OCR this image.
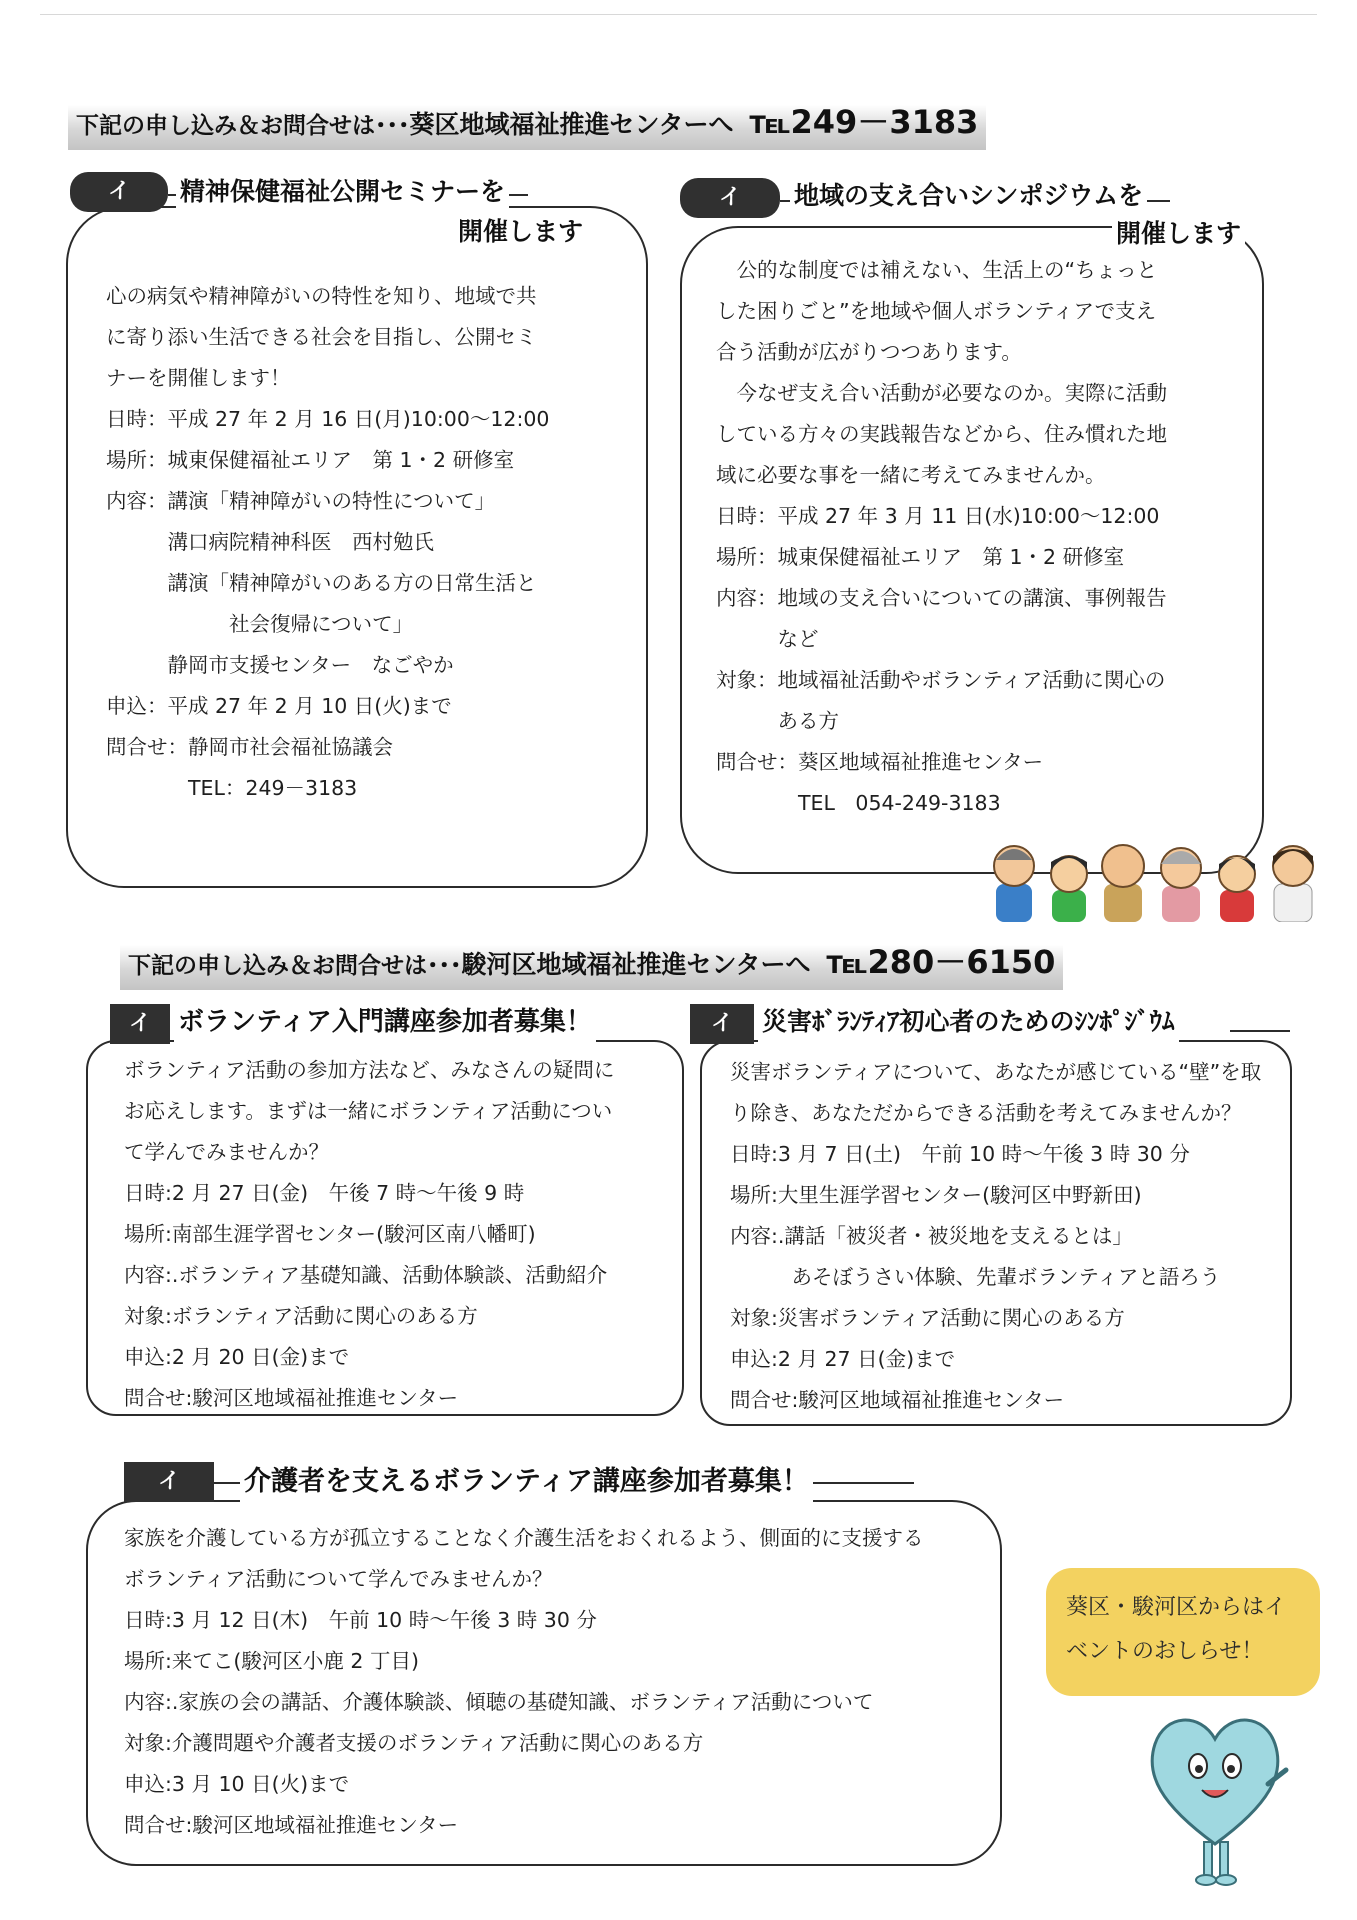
下記の申し込み＆お問合せは･･･葵区地域福祉推進センターへ　 ℡249－3183
イ	精神保健福祉公開セミナーを
開催します

心の病気や精神障がいの特性を知り、地域で共

に寄り添い生活できる社会を目指し、公開セミ

ナーを開催します！

日時：平成 27 年 2 月 16 日(月)10:00～12:00

場所：城東保健福祉エリア　第 1・2 研修室

内容：講演「精神障がいの特性について」

　　　溝口病院精神科医　西村勉氏

　　　講演「精神障がいのある方の日常生活と

　　　　　　社会復帰について」

　　　静岡市支援センター　なごやか

申込：平成 27 年 2 月 10 日(火)まで

問合せ：静岡市社会福祉協議会

　　　　TEL：249－3183

イ	地域の支え合いシンポジウムを
開催します

　公的な制度では補えない、生活上の“ちょっと

した困りごと”を地域や個人ボランティアで支え

合う活動が広がりつつあります。

　今なぜ支え合い活動が必要なのか。実際に活動

している方々の実践報告などから、住み慣れた地

域に必要な事を一緒に考えてみませんか。

日時：平成 27 年 3 月 11 日(水)10:00～12:00

場所：城東保健福祉エリア　第 1・2 研修室

内容：地域の支え合いについての講演、事例報告

　　　など

対象：地域福祉活動やボランティア活動に関心の

　　　ある方

問合せ：葵区地域福祉推進センター

　　　　TEL　054-249-3183

下記の申し込み＆お問合せは･･･駿河区地域福祉推進センターへ　 ℡280－6150
イ	ボランティア入門講座参加者募集！

ボランティア活動の参加方法など、みなさんの疑問に

お応えします。まずは一緒にボランティア活動につい

て学んでみませんか？

日時:2 月 27 日(金)　午後 7 時～午後 9 時

場所:南部生涯学習センター(駿河区南八幡町)

内容:.ボランティア基礎知識、活動体験談、活動紹介

対象:ボランティア活動に関心のある方

申込:2 月 20 日(金)まで

問合せ:駿河区地域福祉推進センター

イ	災害ﾎﾞﾗﾝﾃｨｱ初心者のためのｼﾝﾎﾟｼﾞｳﾑ

災害ボランティアについて、あなたが感じている“壁”を取

り除き、あなただからできる活動を考えてみませんか？

日時:3 月 7 日(土)　午前 10 時～午後 3 時 30 分

場所:大里生涯学習センター(駿河区中野新田)

内容:.講話「被災者・被災地を支えるとは」

　　　あそぼうさい体験、先輩ボランティアと語ろう

対象:災害ボランティア活動に関心のある方

申込:2 月 27 日(金)まで

問合せ:駿河区地域福祉推進センター

イ	介護者を支えるボランティア講座参加者募集！

家族を介護している方が孤立することなく介護生活をおくれるよう、側面的に支援する

ボランティア活動について学んでみませんか？

日時:3 月 12 日(木)　午前 10 時～午後 3 時 30 分

場所:来てこ(駿河区小鹿 2 丁目)

内容:.家族の会の講話、介護体験談、傾聴の基礎知識、ボランティア活動について

対象:介護問題や介護者支援のボランティア活動に関心のある方

申込:3 月 10 日(火)まで

問合せ:駿河区地域福祉推進センター

葵区・駿河区からはイ
ベントのおしらせ！
